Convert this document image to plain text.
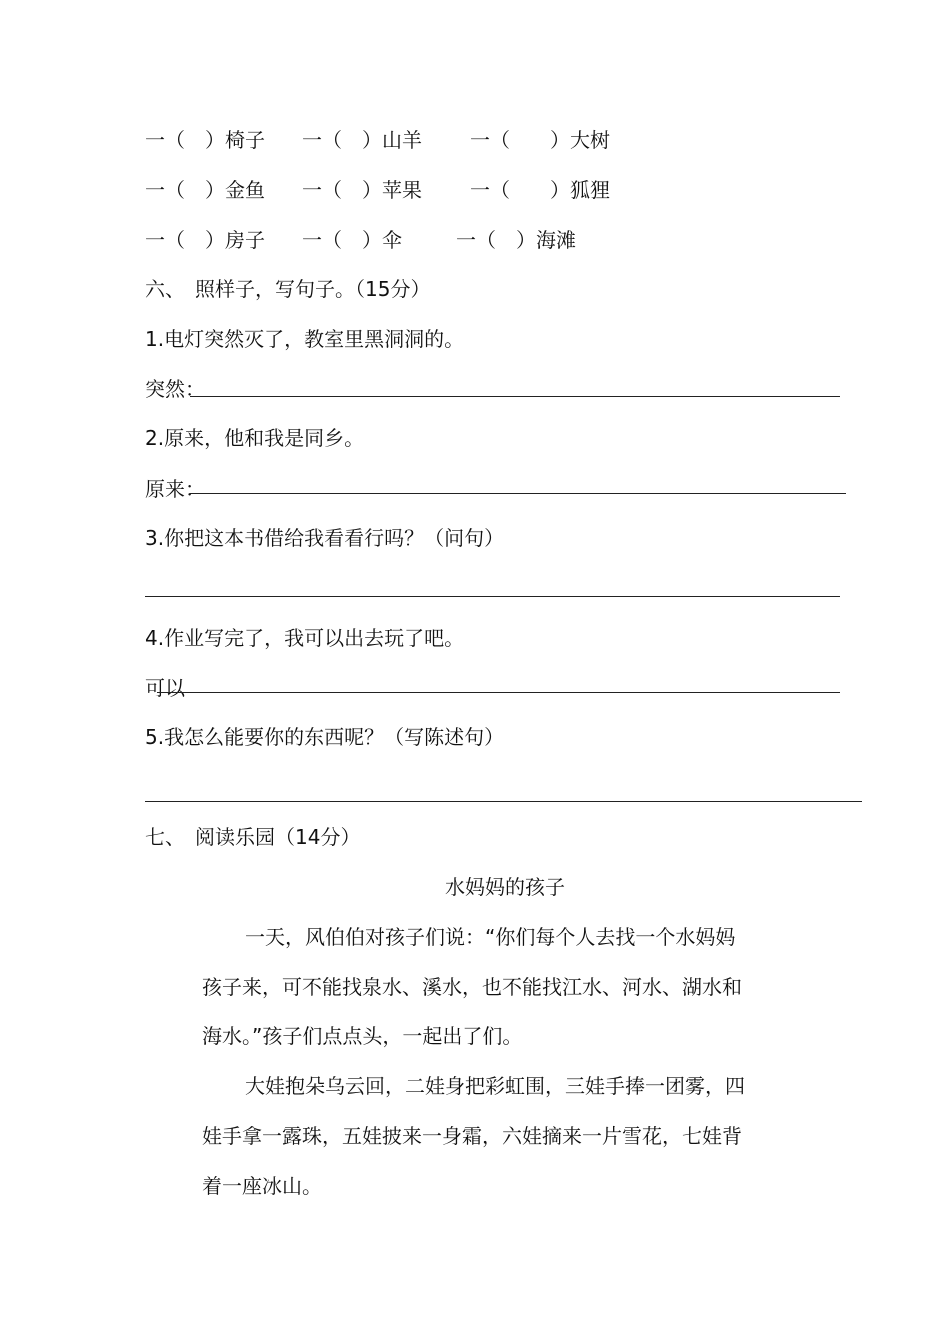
一（　）椅子 一（　）山羊 一（　　）大树
一（　）金鱼 一（　）苹果 一（　　）狐狸
一（　）房子 一（　）伞	一（　）海滩
六、　照样子，写句子。（15分）
1.电灯突然灭了，教室里黑洞洞的。
突然：
2.原来，他和我是同乡。
原来：
3.你把这本书借给我看看行吗？（问句）
4.作业写完了，我可以出去玩了吧。
可以
5.我怎么能要你的东西呢？（写陈述句）
七、　阅读乐园（14分）
水妈妈的孩子
一天，风伯伯对孩子们说：“你们每个人去找一个水妈妈
孩子来，可不能找泉水、溪水，也不能找江水、河水、湖水和
海水。”孩子们点点头，一起出了们。
大娃抱朵乌云回，二娃身把彩虹围，三娃手捧一团雾，四
娃手拿一露珠，五娃披来一身霜，六娃摘来一片雪花，七娃背
着一座冰山。
